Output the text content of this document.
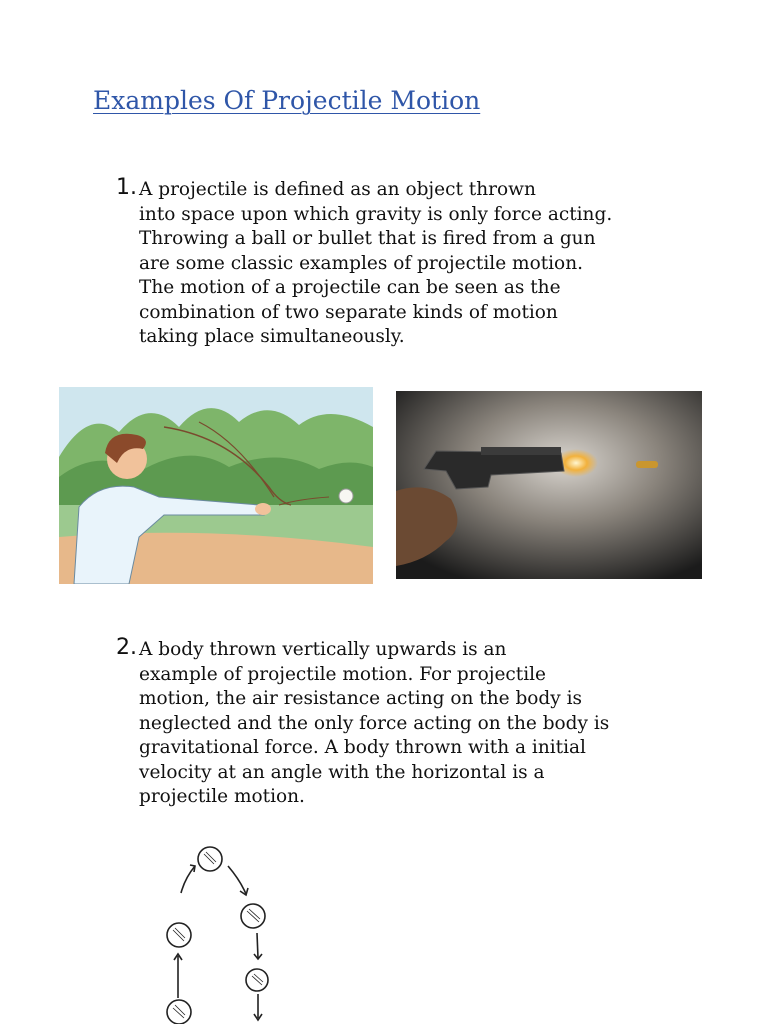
Examples Of Projectile Motion
1. A projectile is defined as an object thrown
into space upon which gravity is only force acting.
Throwing a ball or bullet that is fired from a gun
are some classic examples of projectile motion.
The motion of a projectile can be seen as the
combination of two separate kinds of motion
taking place simultaneously.

2. A body thrown vertically upwards is an
example of projectile motion. For projectile
motion, the air resistance acting on the body is
neglected and the only force acting on the body is
gravitational force. A body thrown with a initial
velocity at an angle with the horizontal is a
projectile motion.
